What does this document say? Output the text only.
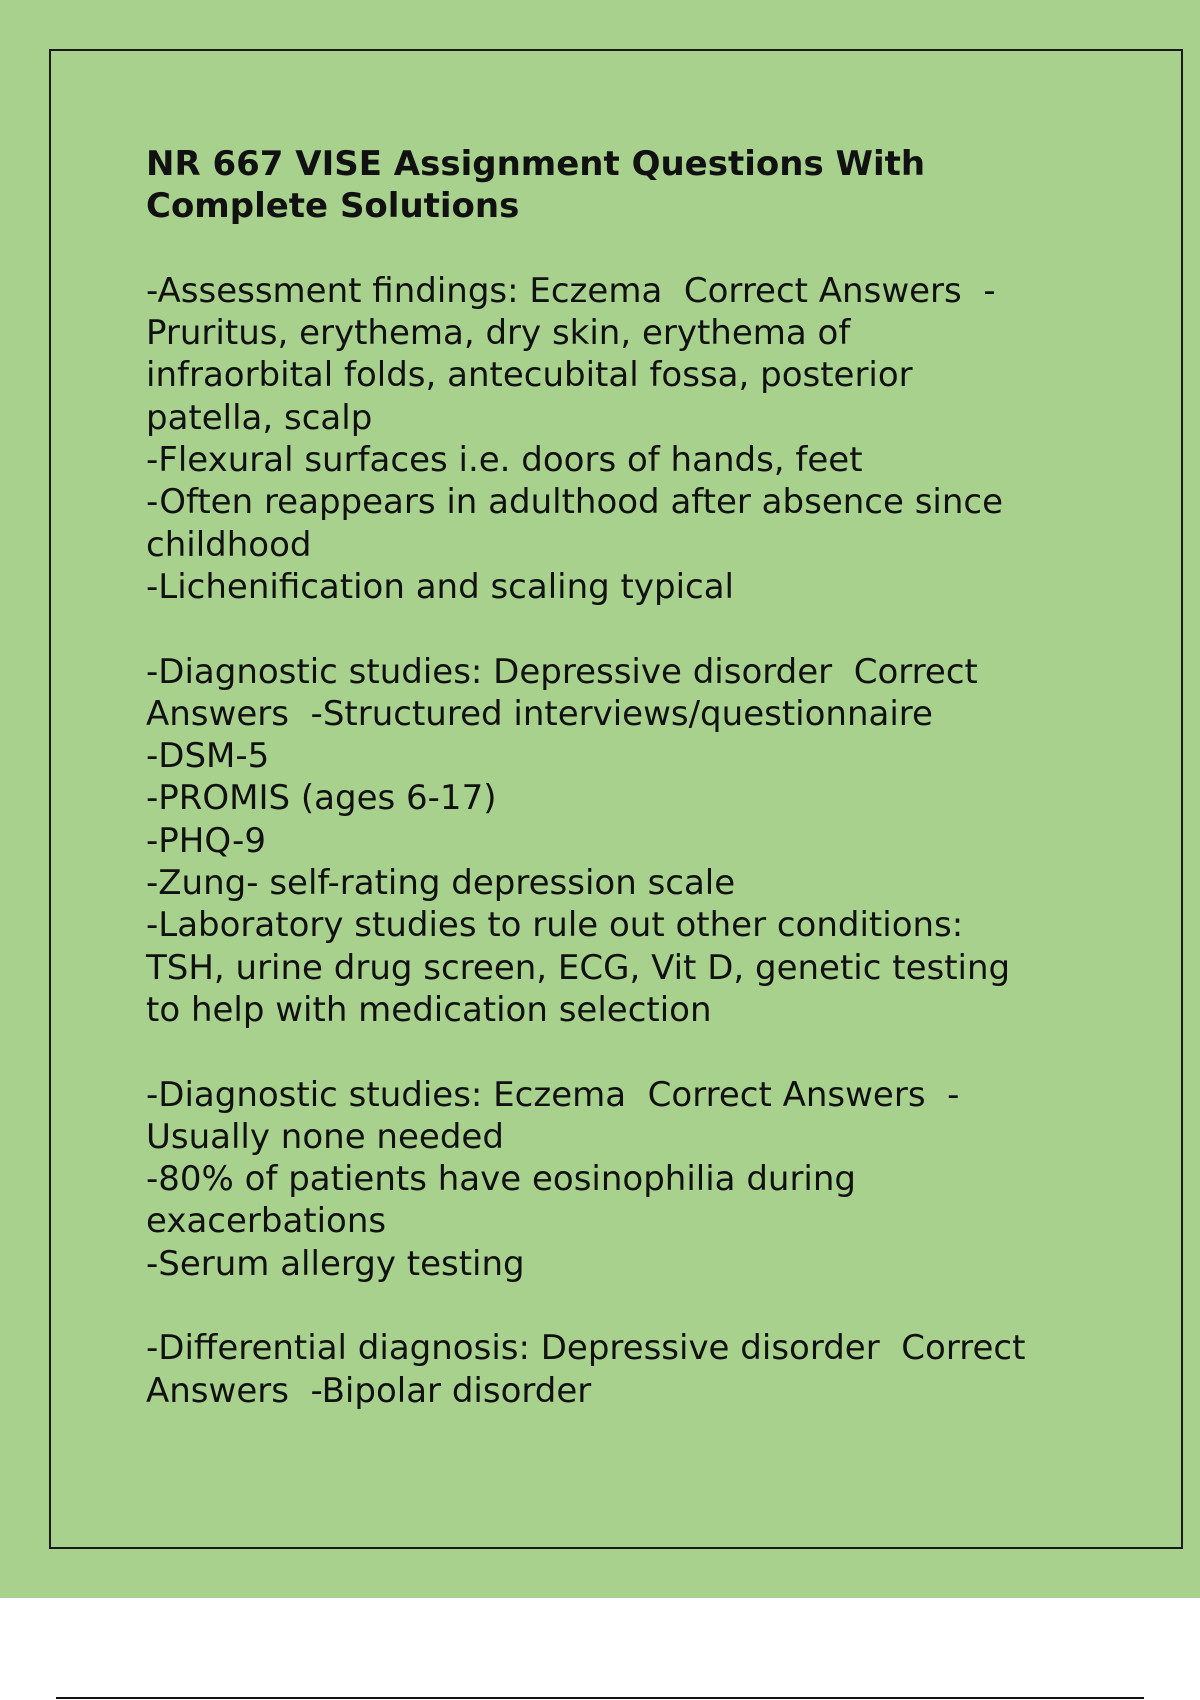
NR 667 VISE Assignment Questions With
Complete Solutions
-Assessment findings: Eczema  Correct Answers  -
Pruritus, erythema, dry skin, erythema of
infraorbital folds, antecubital fossa, posterior
patella, scalp
-Flexural surfaces i.e. doors of hands, feet
-Often reappears in adulthood after absence since
childhood
-Lichenification and scaling typical
-Diagnostic studies: Depressive disorder  Correct
Answers  -Structured interviews/questionnaire
-DSM-5
-PROMIS (ages 6-17)
-PHQ-9
-Zung- self-rating depression scale
-Laboratory studies to rule out other conditions:
TSH, urine drug screen, ECG, Vit D, genetic testing
to help with medication selection
-Diagnostic studies: Eczema  Correct Answers  -
Usually none needed
-80% of patients have eosinophilia during
exacerbations
-Serum allergy testing
-Differential diagnosis: Depressive disorder  Correct
Answers  -Bipolar disorder
